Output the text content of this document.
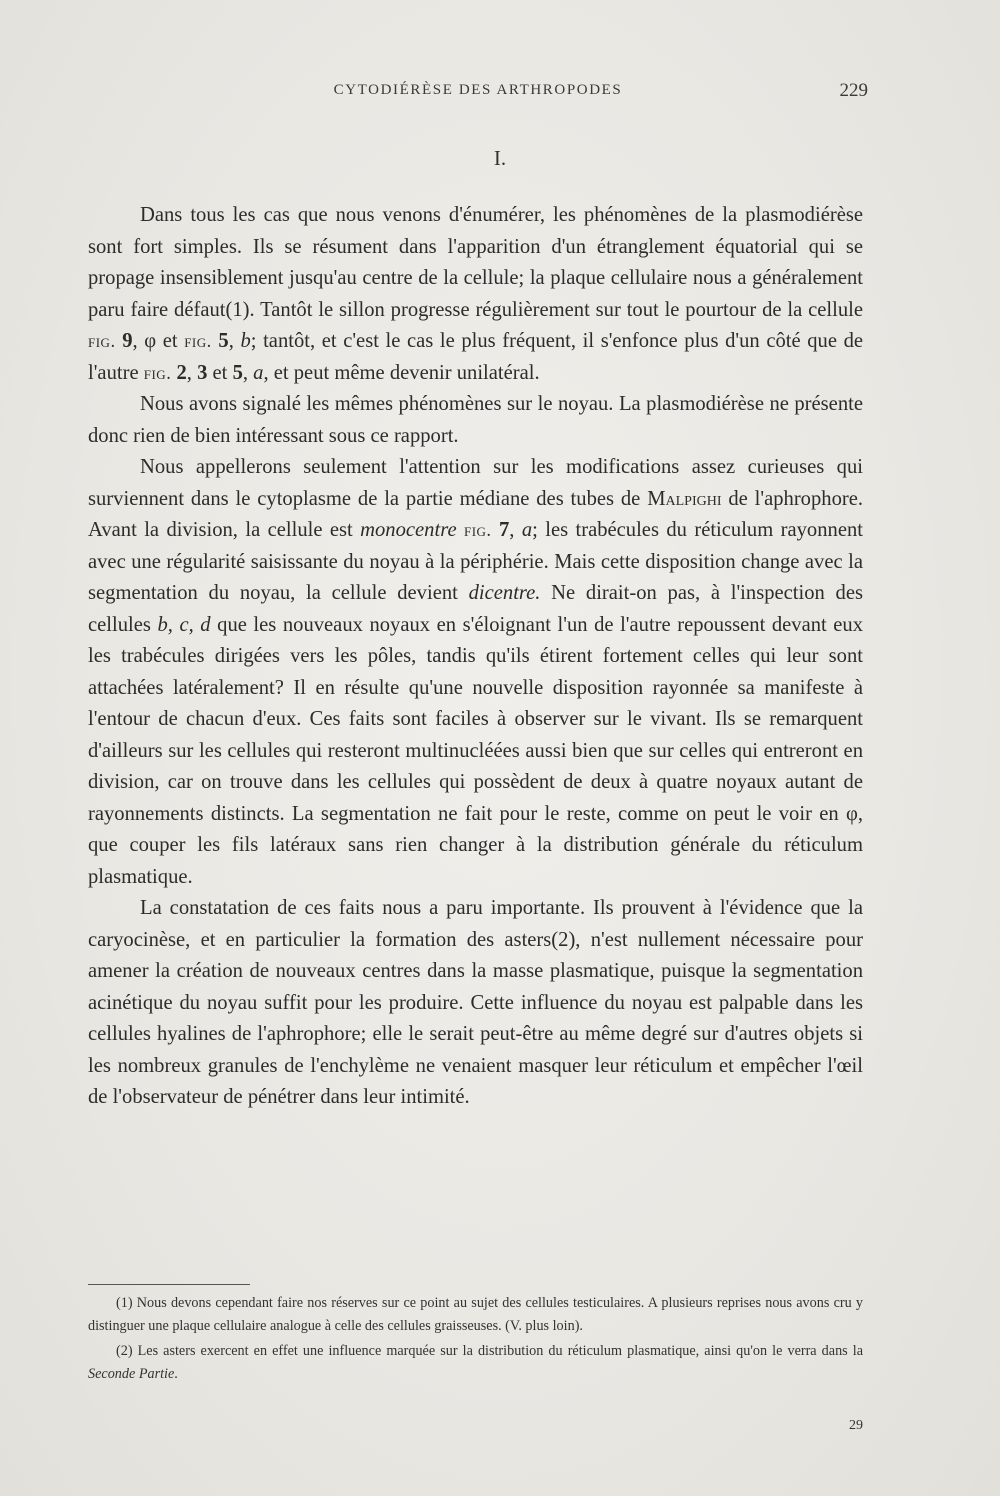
CYTODIÉRÈSE DES ARTHROPODES	229
I.

Dans tous les cas que nous venons d'énumérer, les phénomènes de la plasmodiérèse sont fort simples. Ils se résument dans l'apparition d'un étranglement équatorial qui se propage insensiblement jusqu'au centre de la cellule; la plaque cellulaire nous a généralement paru faire défaut(1). Tantôt le sillon progresse régulièrement sur tout le pourtour de la cellule fig. 9, φ et fig. 5, b; tantôt, et c'est le cas le plus fréquent, il s'enfonce plus d'un côté que de l'autre fig. 2, 3 et 5, a, et peut même devenir unilatéral.

Nous avons signalé les mêmes phénomènes sur le noyau. La plasmodiérèse ne présente donc rien de bien intéressant sous ce rapport.

Nous appellerons seulement l'attention sur les modifications assez curieuses qui surviennent dans le cytoplasme de la partie médiane des tubes de Malpighi de l'aphrophore. Avant la division, la cellule est monocentre fig. 7, a; les trabécules du réticulum rayonnent avec une régularité saisissante du noyau à la périphérie. Mais cette disposition change avec la segmentation du noyau, la cellule devient dicentre. Ne dirait-on pas, à l'inspection des cellules b, c, d que les nouveaux noyaux en s'éloignant l'un de l'autre repoussent devant eux les trabécules dirigées vers les pôles, tandis qu'ils étirent fortement celles qui leur sont attachées latéralement? Il en résulte qu'une nouvelle disposition rayonnée sa manifeste à l'entour de chacun d'eux. Ces faits sont faciles à observer sur le vivant. Ils se remarquent d'ailleurs sur les cellules qui resteront multinucléées aussi bien que sur celles qui entreront en division, car on trouve dans les cellules qui possèdent de deux à quatre noyaux autant de rayonnements distincts. La segmentation ne fait pour le reste, comme on peut le voir en φ, que couper les fils latéraux sans rien changer à la distribution générale du réticulum plasmatique.

La constatation de ces faits nous a paru importante. Ils prouvent à l'évidence que la caryocinèse, et en particulier la formation des asters(2), n'est nullement nécessaire pour amener la création de nouveaux centres dans la masse plasmatique, puisque la segmentation acinétique du noyau suffit pour les produire. Cette influence du noyau est palpable dans les cellules hyalines de l'aphrophore; elle le serait peut-être au même degré sur d'autres objets si les nombreux granules de l'enchylème ne venaient masquer leur réticulum et empêcher l'œil de l'observateur de pénétrer dans leur intimité.

(1) Nous devons cependant faire nos réserves sur ce point au sujet des cellules testiculaires. A plusieurs reprises nous avons cru y distinguer une plaque cellulaire analogue à celle des cellules graisseuses. (V. plus loin).

(2) Les asters exercent en effet une influence marquée sur la distribution du réticulum plasmatique, ainsi qu'on le verra dans la Seconde Partie.

29
